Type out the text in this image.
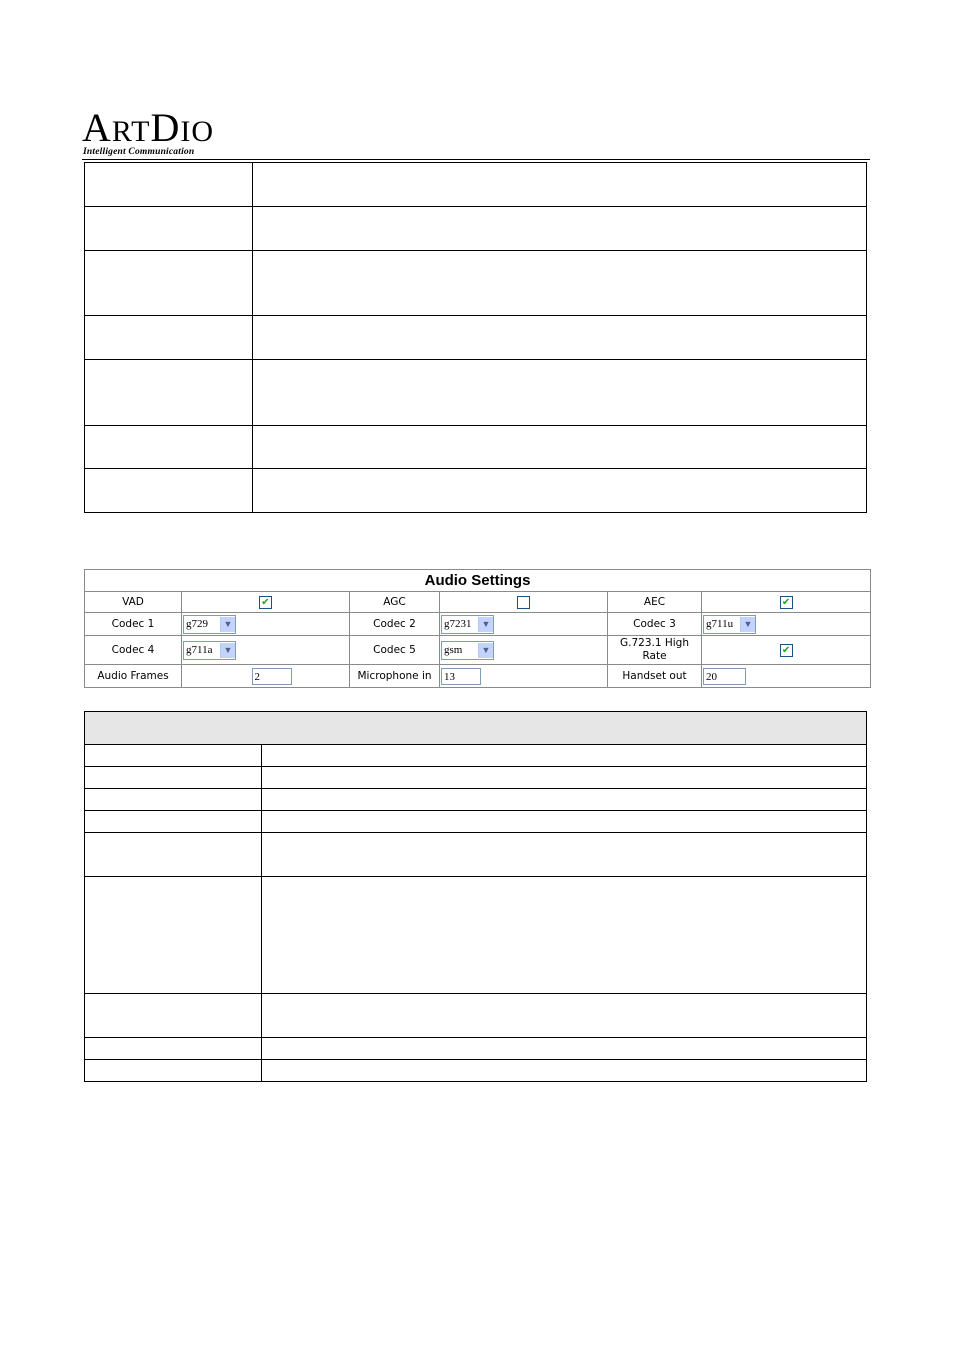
ARTDIO
Intelligent Communication

Audio Settings					
VAD	✔	AGC		AEC	✔
Codec 1	g729 ▼	Codec 2	g7231 ▼	Codec 3	g711u ▼

Codec 4	g711a ▼	Codec 5	gsm ▼	G.723.1 High Rate	✔
Audio Frames	2	Microphone in	13	Handset out	20
